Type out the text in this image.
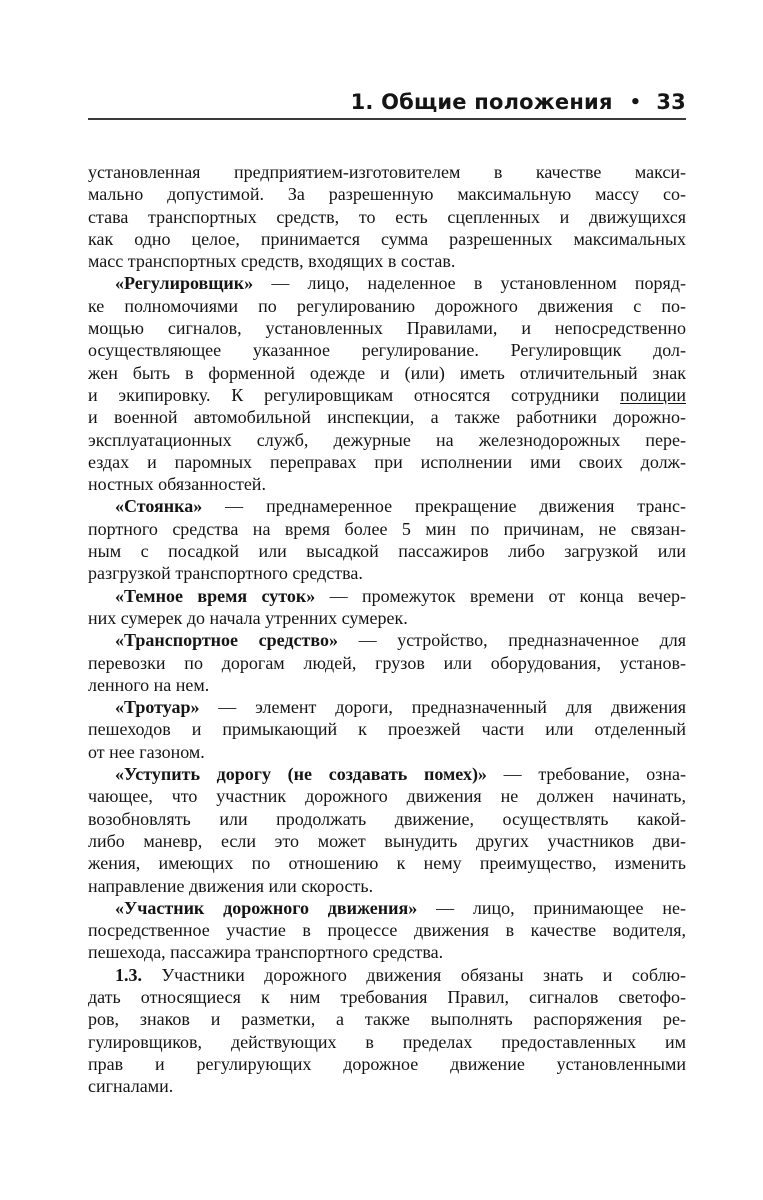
1. Общие положения • 33
установленная предприятием-изготовителем в качестве макси-
мально допустимой. За разрешенную максимальную массу со-
става транспортных средств, то есть сцепленных и движущихся
как одно целое, принимается сумма разрешенных максимальных
масс транспортных средств, входящих в состав.
«Регулировщик» — лицо, наделенное в установленном поряд-
ке полномочиями по регулированию дорожного движения с по-
мощью сигналов, установленных Правилами, и непосредственно
осуществляющее указанное регулирование. Регулировщик дол-
жен быть в форменной одежде и (или) иметь отличительный знак
и экипировку. К регулировщикам относятся сотрудники полиции
и военной автомобильной инспекции, а также работники дорожно-
эксплуатационных служб, дежурные на железнодорожных пере-
ездах и паромных переправах при исполнении ими своих долж-
ностных обязанностей.
«Стоянка» — преднамеренное прекращение движения транс-
портного средства на время более 5 мин по причинам, не связан-
ным с посадкой или высадкой пассажиров либо загрузкой или
разгрузкой транспортного средства.
«Темное время суток» — промежуток времени от конца вечер-
них сумерек до начала утренних сумерек.
«Транспортное средство» — устройство, предназначенное для
перевозки по дорогам людей, грузов или оборудования, установ-
ленного на нем.
«Тротуар» — элемент дороги, предназначенный для движения
пешеходов и примыкающий к проезжей части или отделенный
от нее газоном.
«Уступить дорогу (не создавать помех)» — требование, озна-
чающее, что участник дорожного движения не должен начинать,
возобновлять или продолжать движение, осуществлять какой-
либо маневр, если это может вынудить других участников дви-
жения, имеющих по отношению к нему преимущество, изменить
направление движения или скорость.
«Участник дорожного движения» — лицо, принимающее не-
посредственное участие в процессе движения в качестве водителя,
пешехода, пассажира транспортного средства.
1.3. Участники дорожного движения обязаны знать и соблю-
дать относящиеся к ним требования Правил, сигналов светофо-
ров, знаков и разметки, а также выполнять распоряжения ре-
гулировщиков, действующих в пределах предоставленных им
прав и регулирующих дорожное движение установленными
сигналами.
